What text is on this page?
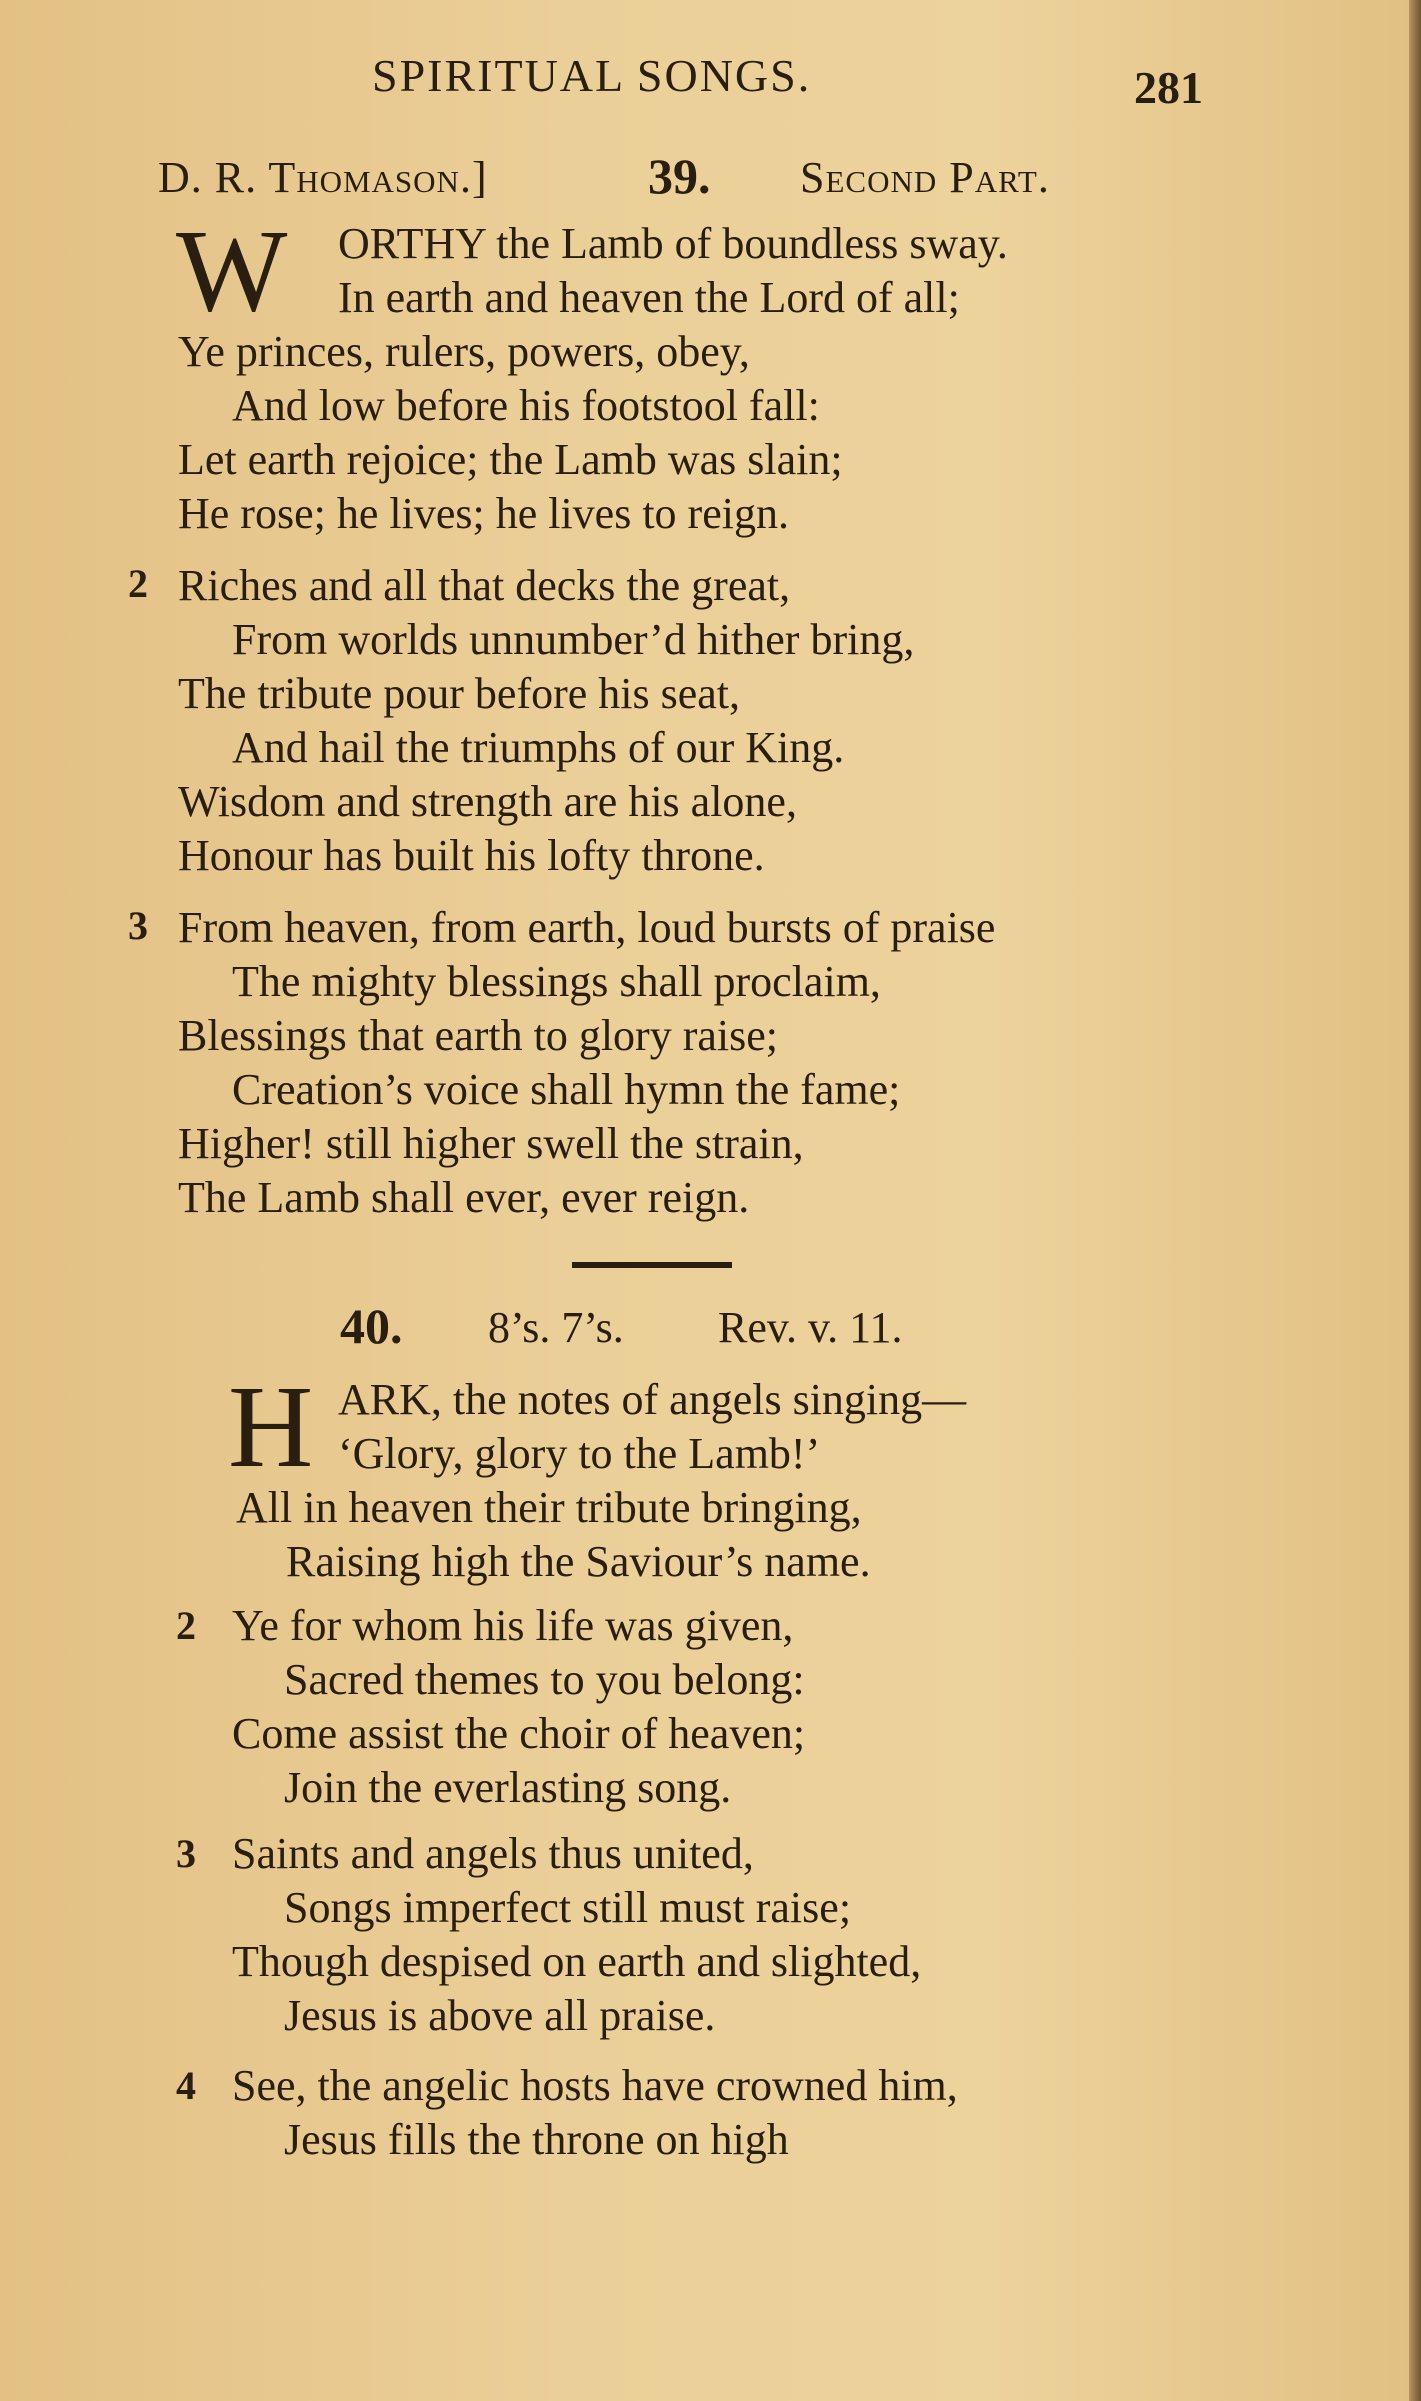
SPIRITUAL SONGS.	281
D. R. Thomason.]	39. Second Part.
W ORTHY the Lamb of boundless sway.
In earth and heaven the Lord of all;
Ye princes, rulers, powers, obey,
And low before his footstool fall:
Let earth rejoice; the Lamb was slain;
He rose; he lives; he lives to reign.
2 Riches and all that decks the great,
From worlds unnumber’d hither bring,
The tribute pour before his seat,
And hail the triumphs of our King.
Wisdom and strength are his alone,
Honour has built his lofty throne.
3 From heaven, from earth, loud bursts of praise
The mighty blessings shall proclaim,
Blessings that earth to glory raise;
Creation’s voice shall hymn the fame;
Higher! still higher swell the strain,
The Lamb shall ever, ever reign.
40. 8’s. 7’s. Rev. v. 11.
H ARK, the notes of angels singing—
‘Glory, glory to the Lamb!’
All in heaven their tribute bringing,
Raising high the Saviour’s name.
2 Ye for whom his life was given,
Sacred themes to you belong:
Come assist the choir of heaven;
Join the everlasting song.
3 Saints and angels thus united,
Songs imperfect still must raise;
Though despised on earth and slighted,
Jesus is above all praise.
4 See, the angelic hosts have crowned him,
Jesus fills the throne on high
